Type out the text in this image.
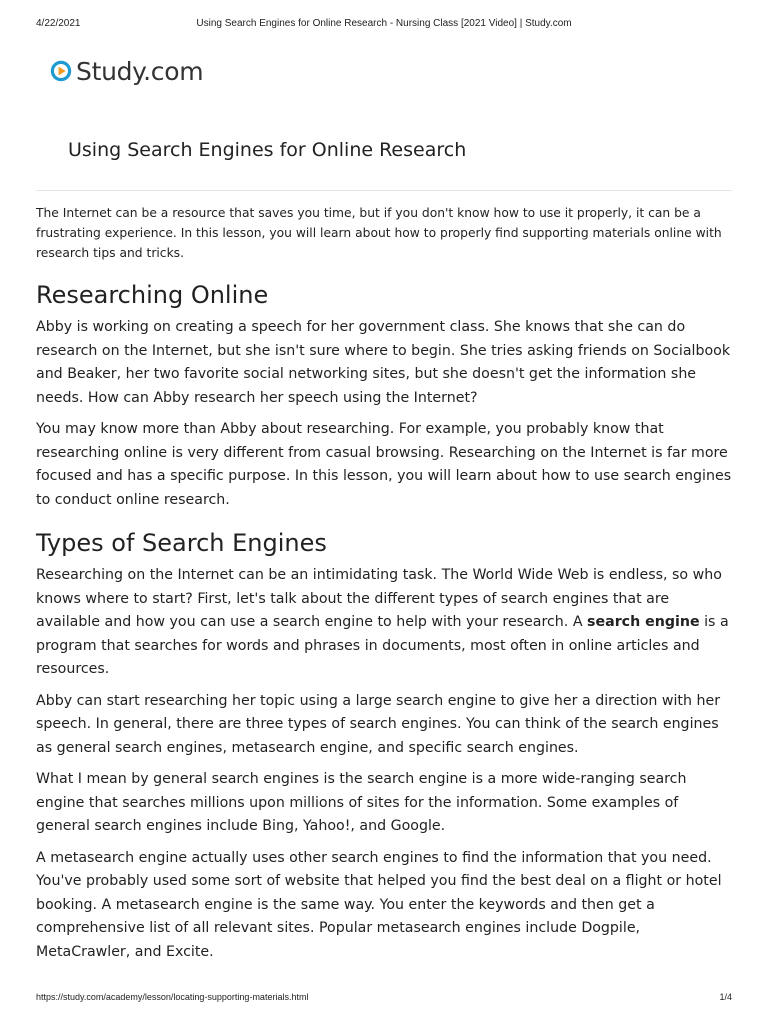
4/22/2021	Using Search Engines for Online Research - Nursing Class [2021 Video] | Study.com
Study.com
Using Search Engines for Online Research

The Internet can be a resource that saves you time, but if you don't know how to use it properly, it can be a frustrating experience. In this lesson, you will learn about how to properly find supporting materials online with research tips and tricks.

Researching Online

Abby is working on creating a speech for her government class. She knows that she can do research on the Internet, but she isn't sure where to begin. She tries asking friends on Socialbook and Beaker, her two favorite social networking sites, but she doesn't get the information she needs. How can Abby research her speech using the Internet?

You may know more than Abby about researching. For example, you probably know that researching online is very different from casual browsing. Researching on the Internet is far more focused and has a specific purpose. In this lesson, you will learn about how to use search engines to conduct online research.

Types of Search Engines

Researching on the Internet can be an intimidating task. The World Wide Web is endless, so who knows where to start? First, let's talk about the different types of search engines that are available and how you can use a search engine to help with your research. A search engine is a program that searches for words and phrases in documents, most often in online articles and resources.

Abby can start researching her topic using a large search engine to give her a direction with her speech. In general, there are three types of search engines. You can think of the search engines as general search engines, metasearch engine, and specific search engines.

What I mean by general search engines is the search engine is a more wide-ranging search engine that searches millions upon millions of sites for the information. Some examples of general search engines include Bing, Yahoo!, and Google.

A metasearch engine actually uses other search engines to find the information that you need. You've probably used some sort of website that helped you find the best deal on a flight or hotel booking. A metasearch engine is the same way. You enter the keywords and then get a comprehensive list of all relevant sites. Popular metasearch engines include Dogpile, MetaCrawler, and Excite.

https://study.com/academy/lesson/locating-supporting-materials.html	1/4
